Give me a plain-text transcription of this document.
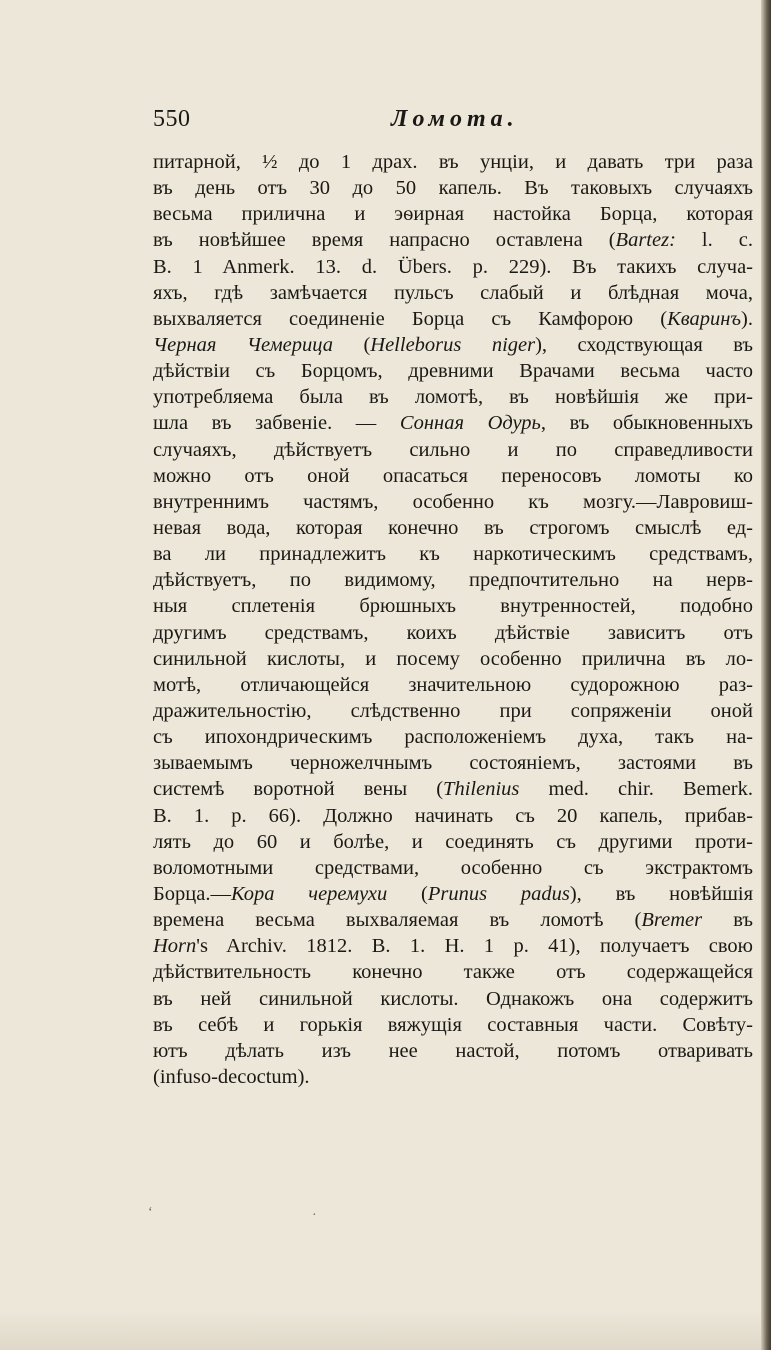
550	Ломота.
питарной, ½ до 1 драх. въ унціи, и давать три раза
въ день отъ 30 до 50 капель. Въ таковыхъ случаяхъ
весьма прилична и эѳирная настойка Борца, которая
въ новѣйшее время напрасно оставлена (Bartez: l. c.
B. 1 Anmerk. 13. d. Übers. p. 229). Въ такихъ случа-
яхъ, гдѣ замѣчается пульсъ слабый и блѣдная моча,
выхваляется соединеніе Борца съ Камфорою (Кваринъ).
Черная Чемерица (Helleborus niger), сходствующая въ
дѣйствіи съ Борцомъ, древними Врачами весьма часто
употребляема была въ ломотѣ, въ новѣйшія же при-
шла въ забвеніе. — Сонная Одурь, въ обыкновенныхъ
случаяхъ, дѣйствуетъ сильно и по справедливости
можно отъ оной опасаться переносовъ ломоты ко
внутреннимъ частямъ, особенно къ мозгу.—Лавровиш-
невая вода, которая конечно въ строгомъ смыслѣ ед-
ва ли принадлежитъ къ наркотическимъ средствамъ,
дѣйствуетъ, по видимому, предпочтительно на нерв-
ныя сплетенія брюшныхъ внутренностей, подобно
другимъ средствамъ, коихъ дѣйствіе зависитъ отъ
синильной кислоты, и посему особенно прилична въ ло-
мотѣ, отличающейся значительною судорожною раз-
дражительностію, слѣдственно при сопряженіи оной
съ ипохондрическимъ расположеніемъ духа, такъ на-
зываемымъ черножелчнымъ состояніемъ, застоями въ
системѣ воротной вены (Thilenius med. chir. Bemerk.
B. 1. p. 66). Должно начинать съ 20 капель, прибав-
лять до 60 и болѣе, и соединять съ другими проти-
воломотными средствами, особенно съ экстрактомъ
Борца.—Кора черемухи (Prunus padus), въ новѣйшія
времена весьма выхваляемая въ ломотѣ (Bremer въ
Horn's Archiv. 1812. B. 1. H. 1 p. 41), получаетъ свою
дѣйствительность конечно также отъ содержащейся
въ ней синильной кислоты. Однакожъ она содержитъ
въ себѣ и горькія вяжущія составныя части. Совѣту-
ютъ дѣлать изъ нее настой, потомъ отваривать
(infuso-decoctum).
ʻ	·
